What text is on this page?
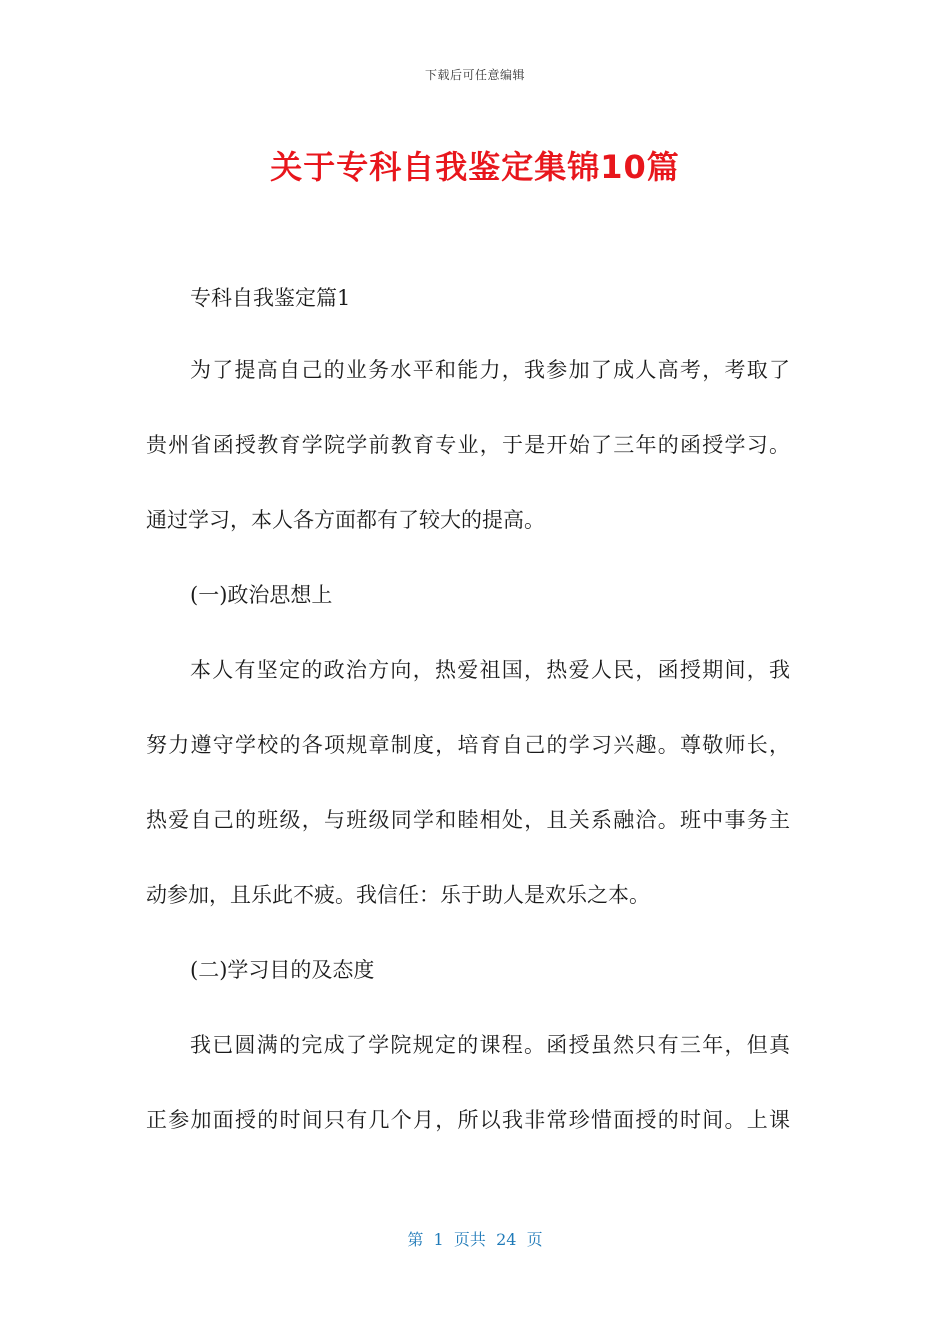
下载后可任意编辑
关于专科自我鉴定集锦10篇
专科自我鉴定篇1
为了提高自己的业务水平和能力，我参加了成人高考，考取了
贵州省函授教育学院学前教育专业，于是开始了三年的函授学习。
通过学习，本人各方面都有了较大的提高。
(一)政治思想上
本人有坚定的政治方向，热爱祖国，热爱人民，函授期间，我
努力遵守学校的各项规章制度，培育自己的学习兴趣。尊敬师长，
热爱自己的班级，与班级同学和睦相处，且关系融洽。班中事务主
动参加，且乐此不疲。我信任：乐于助人是欢乐之本。
(二)学习目的及态度
我已圆满的完成了学院规定的课程。函授虽然只有三年，但真
正参加面授的时间只有几个月，所以我非常珍惜面授的时间。上课
第  1  页共  24  页
